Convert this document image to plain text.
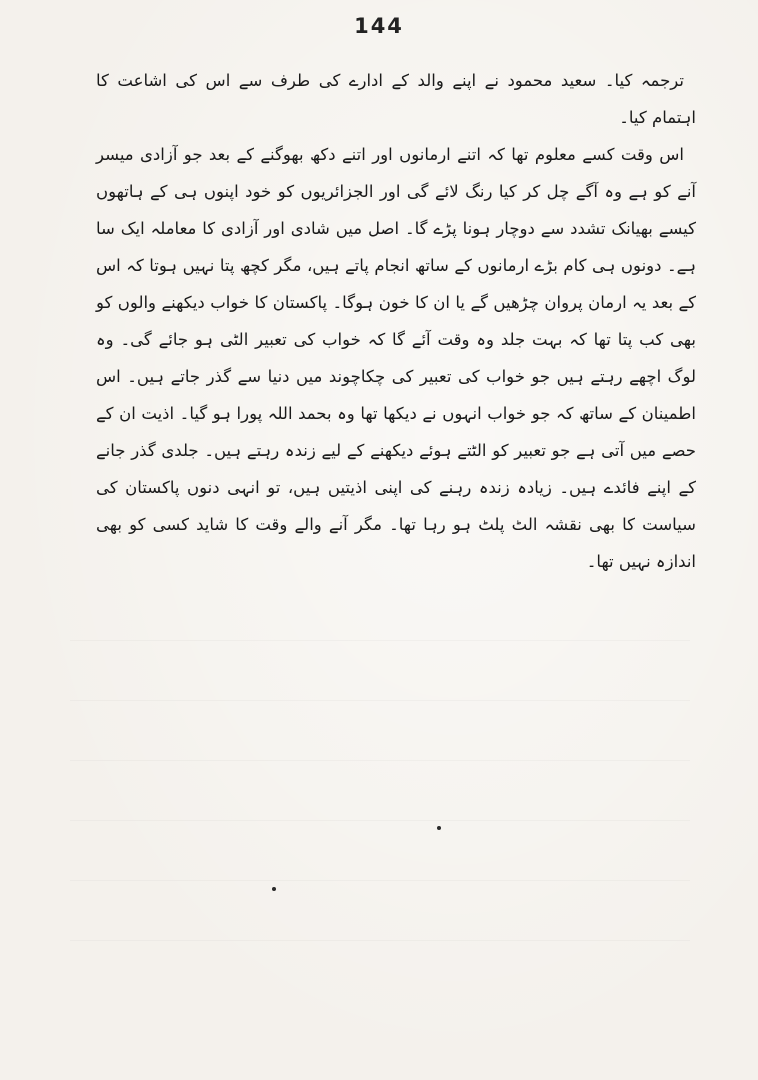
144

ترجمہ کیا۔ سعید محمود نے اپنے والد کے ادارے کی طرف سے اس کی اشاعت کا اہتمام کیا۔

اس وقت کسے معلوم تھا کہ اتنے ارمانوں اور اتنے دکھ بھوگنے کے بعد جو آزادی میسر آنے کو ہے وہ آگے چل کر کیا رنگ لائے گی اور الجزائریوں کو خود اپنوں ہی کے ہاتھوں کیسے بھیانک تشدد سے دوچار ہونا پڑے گا۔ اصل میں شادی اور آزادی کا معاملہ ایک سا ہے۔ دونوں ہی کام بڑے ارمانوں کے ساتھ انجام پاتے ہیں، مگر کچھ پتا نہیں ہوتا کہ اس کے بعد یہ ارمان پروان چڑھیں گے یا ان کا خون ہوگا۔ پاکستان کا خواب دیکھنے والوں کو بھی کب پتا تھا کہ بہت جلد وہ وقت آئے گا کہ خواب کی تعبیر الٹی ہو جائے گی۔ وہ لوگ اچھے رہتے ہیں جو خواب کی تعبیر کی چکاچوند میں دنیا سے گذر جاتے ہیں۔ اس اطمینان کے ساتھ کہ جو خواب انہوں نے دیکھا تھا وہ بحمد اللہ پورا ہو گیا۔ اذیت ان کے حصے میں آتی ہے جو تعبیر کو الٹتے ہوئے دیکھنے کے لیے زندہ رہتے ہیں۔ جلدی گذر جانے کے اپنے فائدے ہیں۔ زیادہ زندہ رہنے کی اپنی اذیتیں ہیں، تو انہی دنوں پاکستان کی سیاست کا بھی نقشہ الٹ پلٹ ہو رہا تھا۔ مگر آنے والے وقت کا شاید کسی کو بھی اندازہ نہیں تھا۔
